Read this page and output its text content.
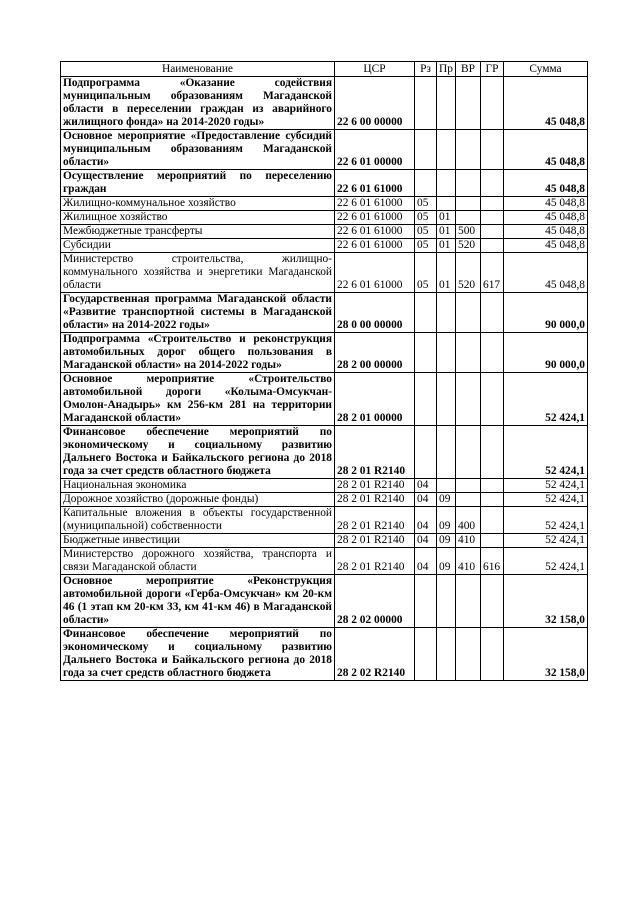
Наименование	ЦСР	Рз	Пр	ВР	ГР	Сумма
Подпрограмма «Оказание содействия муниципальным образованиям Магаданской области в переселении граждан из аварийного жилищного фонда» на 2014-2020 годы»	22 6 00 00000					45 048,8
Основное мероприятие «Предоставление субсидий муниципальным образованиям Магаданской области»	22 6 01 00000					45 048,8
Осуществление мероприятий по переселению граждан	22 6 01 61000					45 048,8
Жилищно-коммунальное хозяйство	22 6 01 61000	05				45 048,8
Жилищное хозяйство	22 6 01 61000	05	01			45 048,8
Межбюджетные трансферты	22 6 01 61000	05	01	500		45 048,8
Субсидии	22 6 01 61000	05	01	520		45 048,8
Министерство строительства, жилищно-коммунального хозяйства и энергетики Магаданской области	22 6 01 61000	05	01	520	617	45 048,8
Государственная программа Магаданской области «Развитие транспортной системы в Магаданской области» на 2014-2022 годы»	28 0 00 00000					90 000,0
Подпрограмма «Строительство и реконструкция автомобильных дорог общего пользования в Магаданской области» на 2014-2022 годы»	28 2 00 00000					90 000,0
Основное мероприятие «Строительство автомобильной дороги «Колыма-Омсукчан-Омолон-Анадырь» км 256-км 281 на территории Магаданской области»	28 2 01 00000					52 424,1
Финансовое обеспечение мероприятий по экономическому и социальному развитию Дальнего Востока и Байкальского региона до 2018 года за счет средств областного бюджета	28 2 01 R2140					52 424,1
Национальная экономика	28 2 01 R2140	04				52 424,1
Дорожное хозяйство (дорожные фонды)	28 2 01 R2140	04	09			52 424,1
Капитальные вложения в объекты государственной (муниципальной) собственности	28 2 01 R2140	04	09	400		52 424,1
Бюджетные инвестиции	28 2 01 R2140	04	09	410		52 424,1
Министерство дорожного хозяйства, транспорта и связи Магаданской области	28 2 01 R2140	04	09	410	616	52 424,1
Основное мероприятие «Реконструкция автомобильной дороги «Герба-Омсукчан» км 20-км 46 (1 этап км 20-км 33, км 41-км 46) в Магаданской области»	28 2 02 00000					32 158,0
Финансовое обеспечение мероприятий по экономическому и социальному развитию Дальнего Востока и Байкальского региона до 2018 года за счет средств областного бюджета	28 2 02 R2140					32 158,0
